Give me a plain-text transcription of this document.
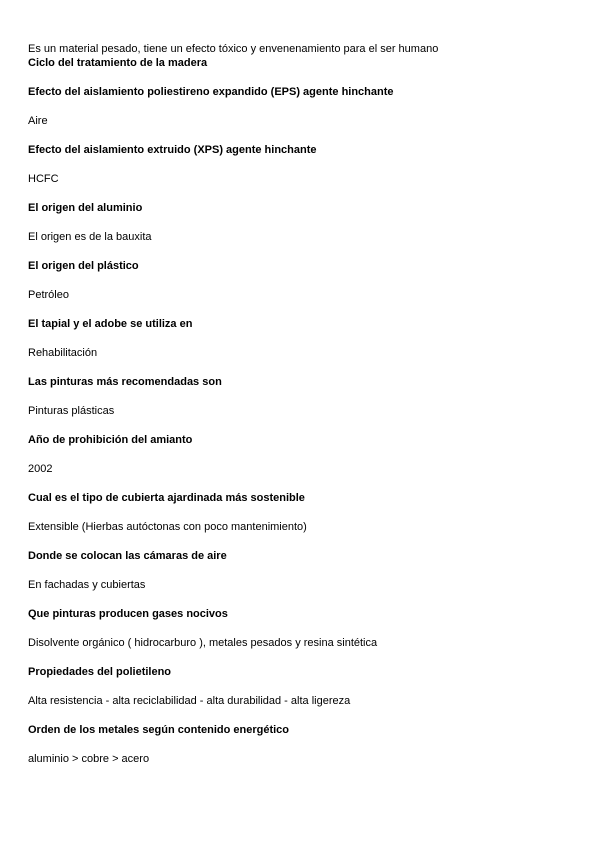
Es un material pesado, tiene un efecto tóxico y envenenamiento para el ser humano

Ciclo del tratamiento de la madera

Efecto del aislamiento poliestireno expandido (EPS) agente hinchante

Aire

Efecto del aislamiento extruido (XPS) agente hinchante

HCFC

El origen del aluminio

El origen es de la bauxita

El origen del plástico

Petróleo

El tapial y el adobe se utiliza en

Rehabilitación

Las pinturas más recomendadas son

Pinturas plásticas

Año de prohibición del amianto

2002

Cual es el tipo de cubierta ajardinada más sostenible

Extensible (Hierbas autóctonas con poco mantenimiento)

Donde se colocan las cámaras de aire

En fachadas y cubiertas

Que pinturas producen gases nocivos

Disolvente orgánico ( hidrocarburo ), metales pesados y resina sintética

Propiedades del polietileno

Alta resistencia - alta reciclabilidad - alta durabilidad - alta ligereza

Orden de los metales según contenido energético

aluminio > cobre > acero
